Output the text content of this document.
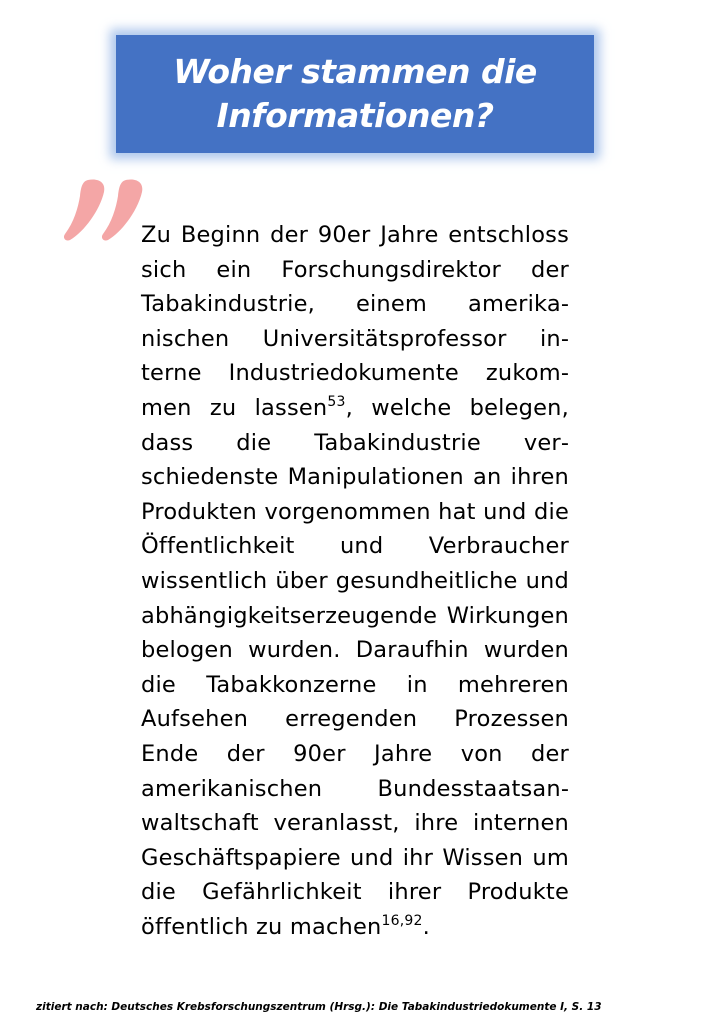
Woher stammen die
Informationen?

Zu Beginn der 90er Jahre entschloss sich ein Forschungsdirektor der Tabakindustrie, einem amerikanischen Universitätsprofessor interne Industriedokumente zukommen zu lassen$^{53}$, welche belegen, dass die Tabakindustrie verschiedenste Manipulationen an ihren Produkten vorgenommen hat und die Öffentlichkeit und Verbraucher wissentlich über gesundheitliche und abhängigkeitserzeugende Wirkungen belogen wurden. Daraufhin wurden die Tabakkonzerne in mehreren Aufsehen erregenden Prozessen Ende der 90er Jahre von der amerikanischen Bundesstaatsanwaltschaft veranlasst, ihre internen Geschäftspapiere und ihr Wissen um die Gefährlichkeit ihrer Produkte öffentlich zu machen$^{16,92}$.

zitiert nach: Deutsches Krebsforschungszentrum (Hrsg.): Die Tabakindustriedokumente I, S. 13
